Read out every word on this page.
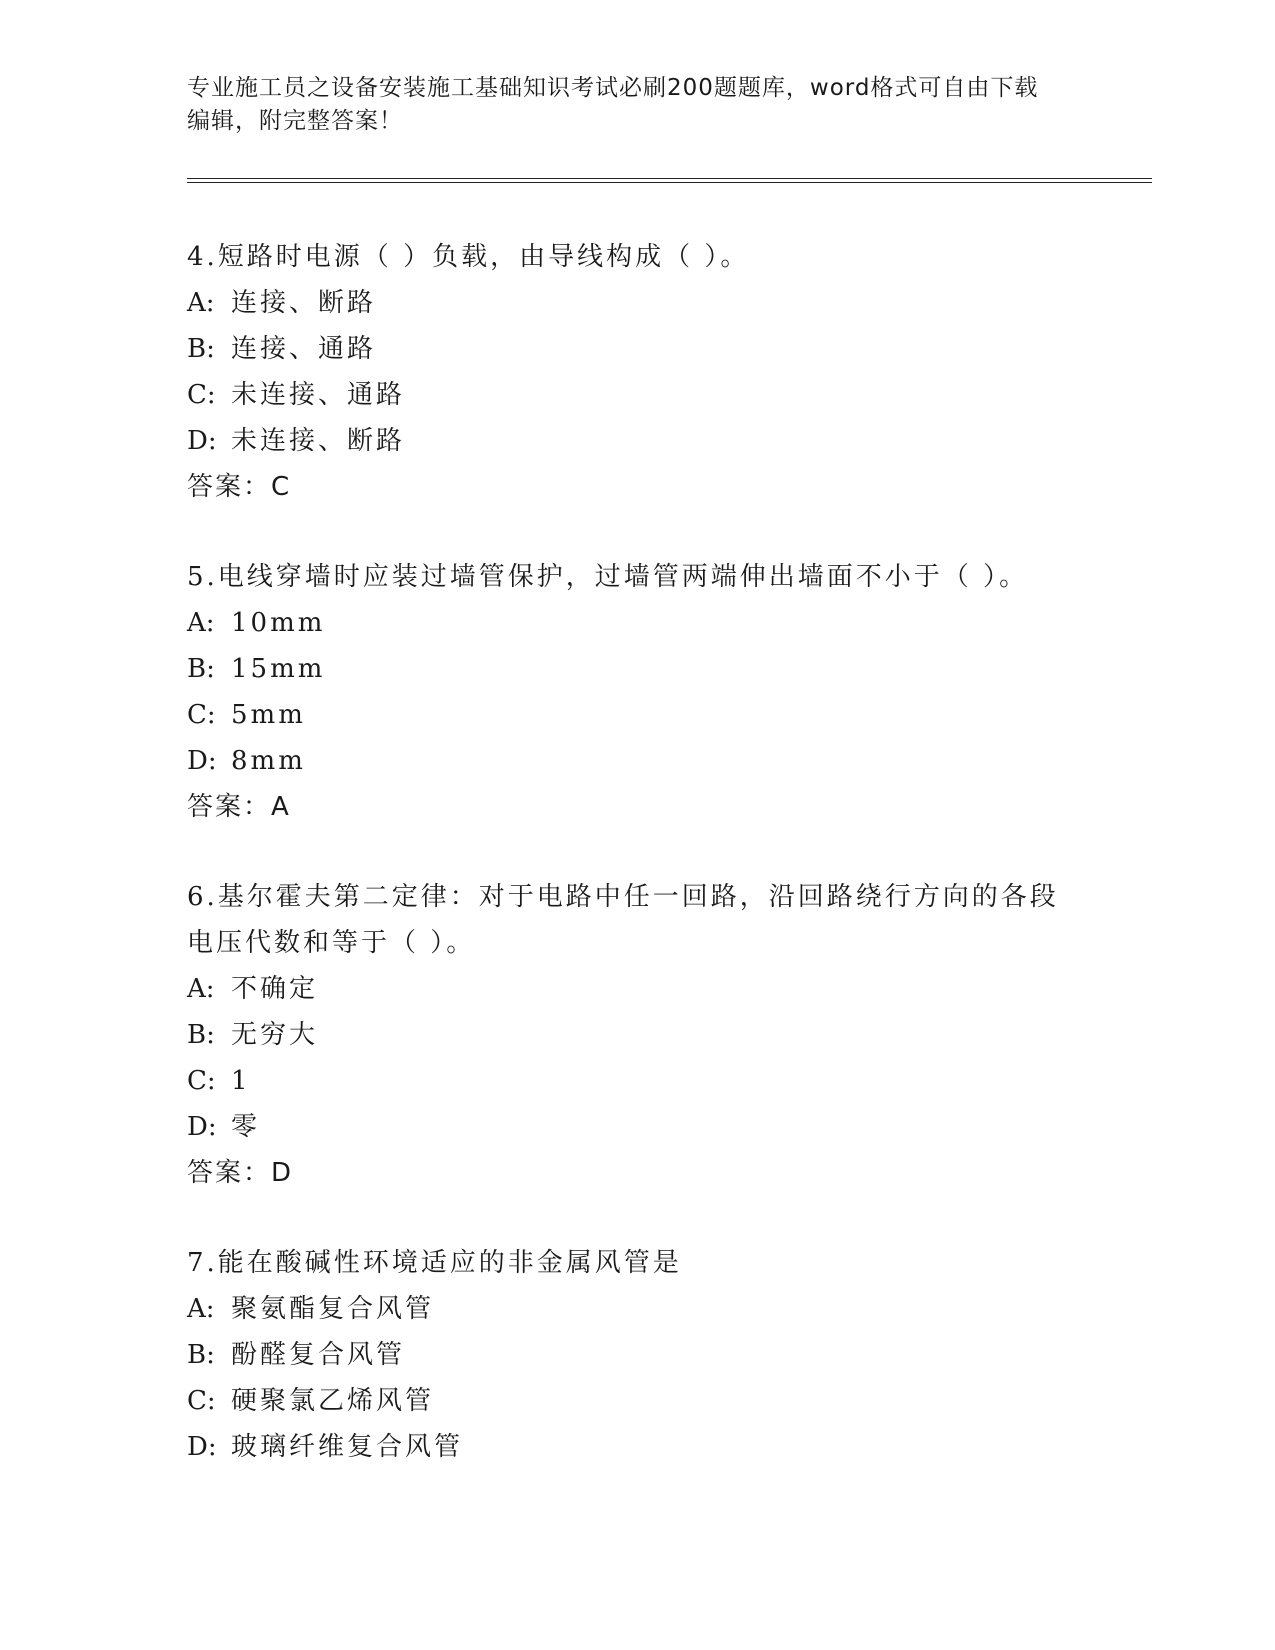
专业施工员之设备安装施工基础知识考试必刷200题题库，word格式可自由下载
编辑，附完整答案！
4.短路时电源（ ）负载，由导线构成（ ）。
A: 连接、断路
B: 连接、通路
C: 未连接、通路
D: 未连接、断路
答案：C
5.电线穿墙时应装过墙管保护，过墙管两端伸出墙面不小于（ ）。
A: 10mm
B: 15mm
C: 5mm
D: 8mm
答案：A
6.基尔霍夫第二定律：对于电路中任一回路，沿回路绕行方向的各段
电压代数和等于（ ）。
A: 不确定
B: 无穷大
C: 1
D: 零
答案：D
7.能在酸碱性环境适应的非金属风管是
A: 聚氨酯复合风管
B: 酚醛复合风管
C: 硬聚氯乙烯风管
D: 玻璃纤维复合风管
